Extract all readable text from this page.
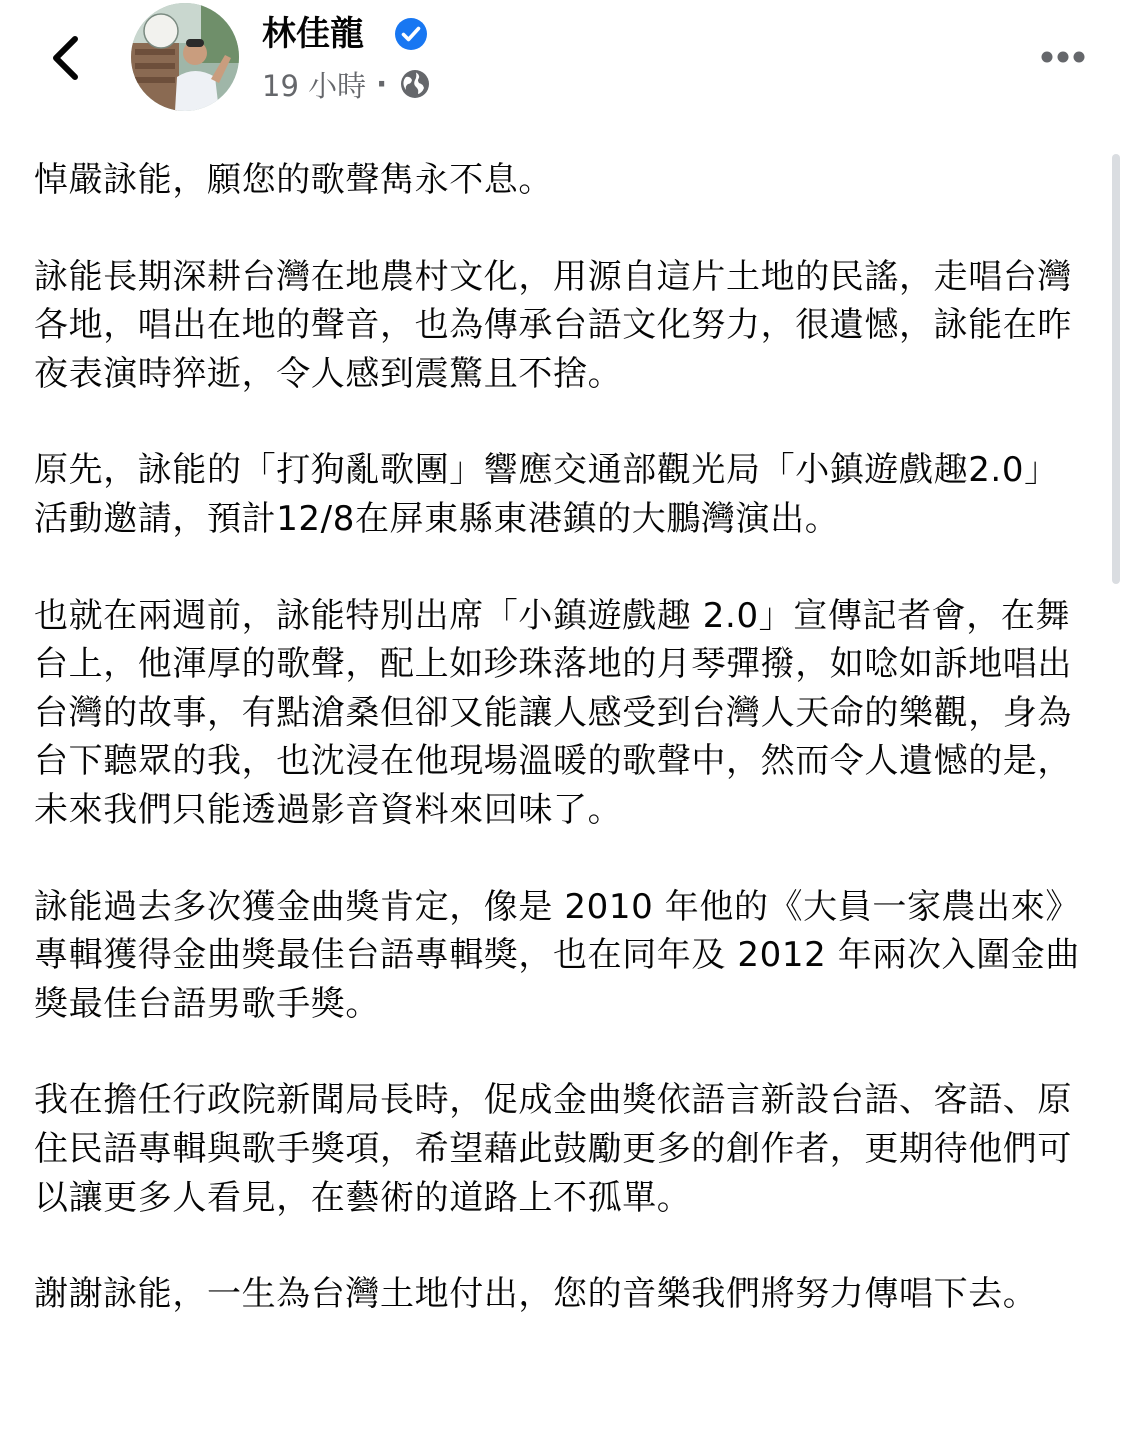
林佳龍
19 小時 ·

悼嚴詠能，願您的歌聲雋永不息。

詠能長期深耕台灣在地農村文化，用源自這片土地的民謠，走唱台灣各地，唱出在地的聲音，也為傳承台語文化努力，很遺憾，詠能在昨夜表演時猝逝，令人感到震驚且不捨。

原先，詠能的「打狗亂歌團」響應交通部觀光局「小鎮遊戲趣2.0」活動邀請，預計12/8在屏東縣東港鎮的大鵬灣演出。

也就在兩週前，詠能特別出席「小鎮遊戲趣 2.0」宣傳記者會，在舞台上，他渾厚的歌聲，配上如珍珠落地的月琴彈撥，如唸如訴地唱出台灣的故事，有點滄桑但卻又能讓人感受到台灣人天命的樂觀，身為台下聽眾的我，也沈浸在他現場溫暖的歌聲中，然而令人遺憾的是，未來我們只能透過影音資料來回味了。

詠能過去多次獲金曲獎肯定，像是 2010 年他的《大員一家農出來》專輯獲得金曲獎最佳台語專輯獎，也在同年及 2012 年兩次入圍金曲獎最佳台語男歌手獎。

我在擔任行政院新聞局長時，促成金曲獎依語言新設台語、客語、原住民語專輯與歌手獎項，希望藉此鼓勵更多的創作者，更期待他們可以讓更多人看見，在藝術的道路上不孤單。

謝謝詠能，一生為台灣土地付出，您的音樂我們將努力傳唱下去。
